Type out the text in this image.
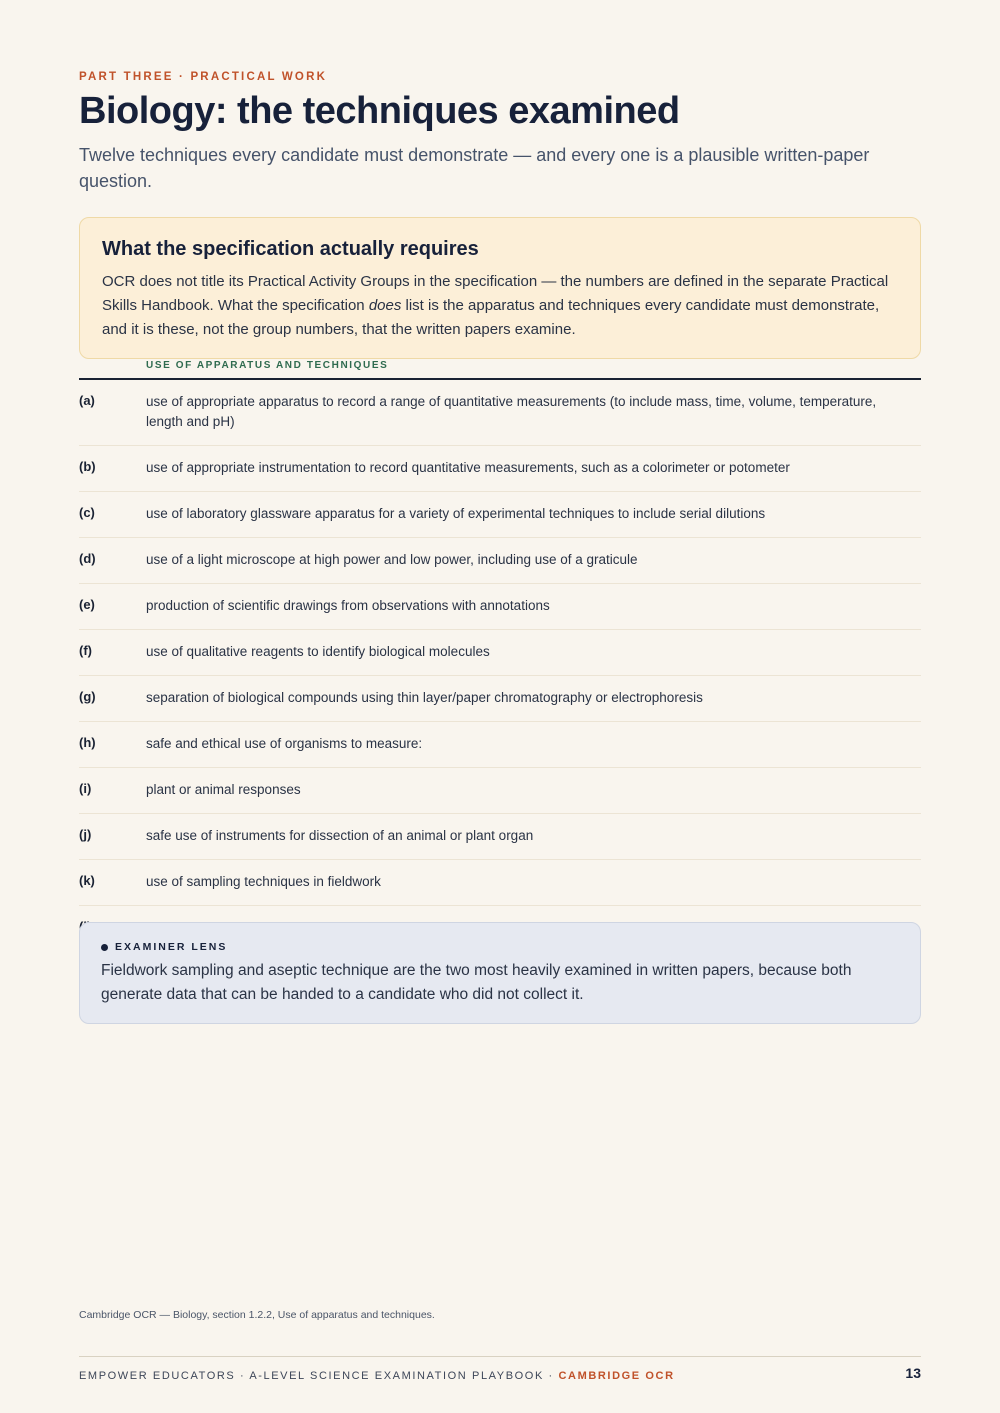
PART THREE · PRACTICAL WORK
Biology: the techniques examined

Twelve techniques every candidate must demonstrate — and every one is a plausible written-paper question.

What the specification actually requires

OCR does not title its Practical Activity Groups in the specification — the numbers are defined in the separate Practical Skills Handbook. What the specification does list is the apparatus and techniques every candidate must demonstrate, and it is these, not the group numbers, that the written papers examine.

USE OF APPARATUS AND TECHNIQUES
(a)	use of appropriate apparatus to record a range of quantitative measurements (to include mass, time, volume, temperature, length and pH)
(b)	use of appropriate instrumentation to record quantitative measurements, such as a colorimeter or potometer
(c)	use of laboratory glassware apparatus for a variety of experimental techniques to include serial dilutions
(d)	use of a light microscope at high power and low power, including use of a graticule
(e)	production of scientific drawings from observations with annotations
(f)	use of qualitative reagents to identify biological molecules
(g)	separation of biological compounds using thin layer/paper chromatography or electrophoresis
(h)	safe and ethical use of organisms to measure:
(i)	plant or animal responses
(j)	safe use of instruments for dissection of an animal or plant organ
(k)	use of sampling techniques in fieldwork
EXAMINER LENS

Fieldwork sampling and aseptic technique are the two most heavily examined in written papers, because both generate data that can be handed to a candidate who did not collect it.

Cambridge OCR — Biology, section 1.2.2, Use of apparatus and techniques.
EMPOWER EDUCATORS · A-LEVEL SCIENCE EXAMINATION PLAYBOOK · CAMBRIDGE OCR	13
